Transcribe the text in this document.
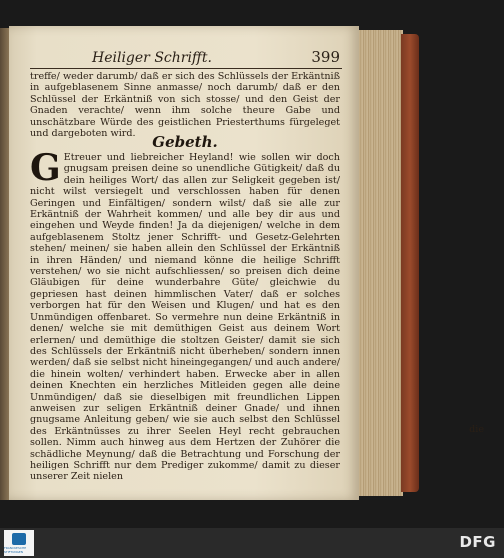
Heiliger Schrifft.	399
treffe/ weder darumb/ daß er sich des Schlüssels der Erkäntniß in aufgeblasenem Sinne anmasse/ noch darumb/ daß er den Schlüssel der Erkäntniß von sich stosse/ und den Geist der Gnaden verachte/ wenn ihm solche theure Gabe und unschätzbare Würde des geistlichen Priesterthums fürgeleget und dargeboten wird.	Gebeth.
G Etreuer und liebreicher Heyland! wie sollen wir doch gnugsam preisen deine so unendliche Gütigkeit/ daß du dein heiliges Wort/ das allen zur Seligkeit gegeben ist/ nicht wilst versiegelt und verschlossen haben für denen Geringen und Einfältigen/ sondern wilst/ daß sie alle zur Erkäntniß der Wahrheit kommen/ und alle bey dir aus und eingehen und Weyde finden! Ja da diejenigen/ welche in dem aufgeblasenem Stoltz jener Schrifft- und Gesetz-Gelehrten stehen/ meinen/ sie haben allein den Schlüssel der Erkäntniß in ihren Händen/ und niemand könne die heilige Schrifft verstehen/ wo sie nicht aufschliessen/ so preisen dich deine Gläubigen für deine wunderbahre Güte/ gleichwie du gepriesen hast deinen himmlischen Vater/ daß er solches verborgen hat für den Weisen und Klugen/ und hat es den Unmündigen offenbaret. So vermehre nun deine Erkäntniß in denen/ welche sie mit demüthigen Geist aus deinem Wort erlernen/ und demüthige die stoltzen Geister/ damit sie sich des Schlüssels der Erkäntniß nicht überheben/ sondern innen werden/ daß sie selbst nicht hineingegangen/ und auch andere/ die hinein wolten/ verhindert haben. Erwecke aber in allen deinen Knechten ein herzliches Mitleiden gegen alle deine Unmündigen/ daß sie dieselbigen mit freundlichen Lippen anweisen zur seligen Erkäntniß deiner Gnade/ und ihnen gnugsame Anleitung geben/ wie sie auch selbst den Schlüssel des Erkäntnüsses zu ihrer Seelen Heyl recht gebrauchen sollen. Nimm auch hinweg aus dem Hertzen der Zuhörer die schädliche Meynung/ daß die Betrachtung und Forschung der heiligen Schrifft nur dem Prediger zukomme/ damit zu dieser unserer Zeit nielen
die
FRANCKESCHE STIFTUNGEN
DFG
